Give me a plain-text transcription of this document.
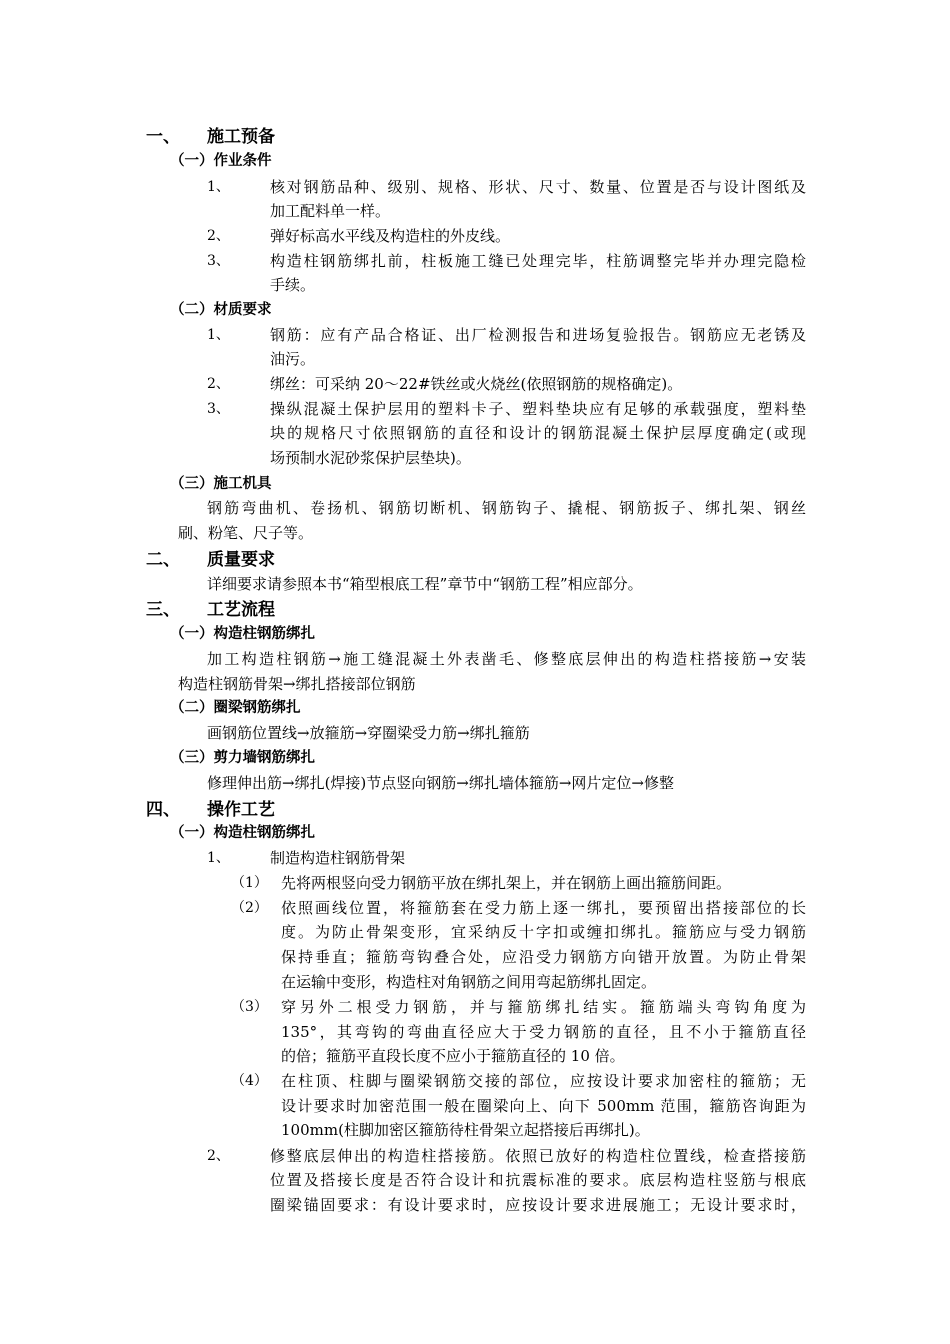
一、 施工预备
（一）作业条件
1、	核对钢筋品种、级别、规格、形状、尺寸、数量、位置是否与设计图纸及
加工配料单一样。
2、	弹好标高水平线及构造柱的外皮线。
3、	构造柱钢筋绑扎前，柱板施工缝已处理完毕，柱筋调整完毕并办理完隐检
手续。
（二）材质要求
1、	钢筋：应有产品合格证、出厂检测报告和进场复验报告。钢筋应无老锈及
油污。
2、	绑丝：可采纳 20～22#铁丝或火烧丝(依照钢筋的规格确定)。
3、	操纵混凝土保护层用的塑料卡子、塑料垫块应有足够的承载强度，塑料垫
块的规格尺寸依照钢筋的直径和设计的钢筋混凝土保护层厚度确定(或现
场预制水泥砂浆保护层垫块)。
（三）施工机具
钢筋弯曲机、卷扬机、钢筋切断机、钢筋钩子、撬棍、钢筋扳子、绑扎架、钢丝
刷、粉笔、尺子等。
二、 质量要求
详细要求请参照本书“箱型根底工程”章节中“钢筋工程”相应部分。
三、 工艺流程
（一）构造柱钢筋绑扎
加工构造柱钢筋→施工缝混凝土外表凿毛、修整底层伸出的构造柱搭接筋→安装
构造柱钢筋骨架→绑扎搭接部位钢筋
（二）圈梁钢筋绑扎
画钢筋位置线→放箍筋→穿圈梁受力筋→绑扎箍筋
（三）剪力墙钢筋绑扎
修理伸出筋→绑扎(焊接)节点竖向钢筋→绑扎墙体箍筋→网片定位→修整
四、 操作工艺
（一）构造柱钢筋绑扎
1、	制造构造柱钢筋骨架
（1） 先将两根竖向受力钢筋平放在绑扎架上，并在钢筋上画出箍筋间距。
（2） 依照画线位置，将箍筋套在受力筋上逐一绑扎，要预留出搭接部位的长
度。为防止骨架变形，宜采纳反十字扣或缠扣绑扎。箍筋应与受力钢筋
保持垂直；箍筋弯钩叠合处，应沿受力钢筋方向错开放置。为防止骨架
在运输中变形，构造柱对角钢筋之间用弯起筋绑扎固定。
（3） 穿另外二根受力钢筋，并与箍筋绑扎结实。箍筋端头弯钩角度为
135°，其弯钩的弯曲直径应大于受力钢筋的直径，且不小于箍筋直径
的倍；箍筋平直段长度不应小于箍筋直径的 10 倍。
（4） 在柱顶、柱脚与圈梁钢筋交接的部位，应按设计要求加密柱的箍筋；无
设计要求时加密范围一般在圈梁向上、向下 500mm 范围，箍筋咨询距为
100mm(柱脚加密区箍筋待柱骨架立起搭接后再绑扎)。
2、	修整底层伸出的构造柱搭接筋。依照已放好的构造柱位置线，检查搭接筋
位置及搭接长度是否符合设计和抗震标准的要求。底层构造柱竖筋与根底
圈梁锚固要求：有设计要求时，应按设计要求进展施工；无设计要求时，
